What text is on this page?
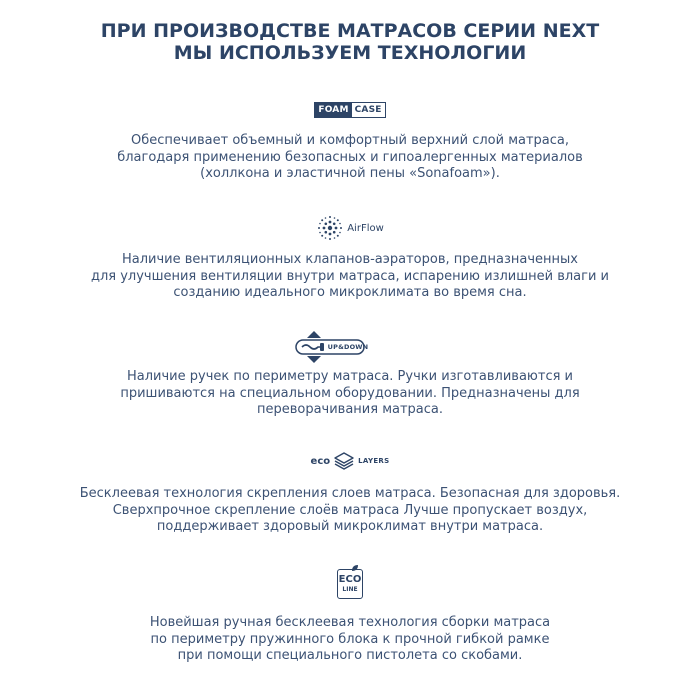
ПРИ ПРОИЗВОДСТВЕ МАТРАСОВ СЕРИИ NEXT
МЫ ИСПОЛЬЗУЕМ ТЕХНОЛОГИИ
FOAM CASE
Обеспечивает объемный и комфортный верхний слой матраса,
благодаря применению безопасных и гипоалергенных материалов
(холлкона и эластичной пены «Sonafoam»).
AirFlow
Наличие вентиляционных клапанов-аэраторов, предназначенных
для улучшения вентиляции внутри матраса, испарению излишней влаги и
созданию идеального микроклимата во время сна.
UP&DOWN
Наличие ручек по периметру матраса. Ручки изготавливаются и
пришиваются на специальном оборудовании. Предназначены для
переворачивания матраса.
eco	LAYERS
Бесклеевая технология скрепления слоев матраса. Безопасная для здоровья.
Сверхпрочное скрепление слоёв матраса Лучше пропускает воздух,
поддерживает здоровый микроклимат внутри матраса.
ECO
LINE
Новейшая ручная бесклеевая технология сборки матраса
по периметру пружинного блока к прочной гибкой рамке
при помощи специального пистолета со скобами.
